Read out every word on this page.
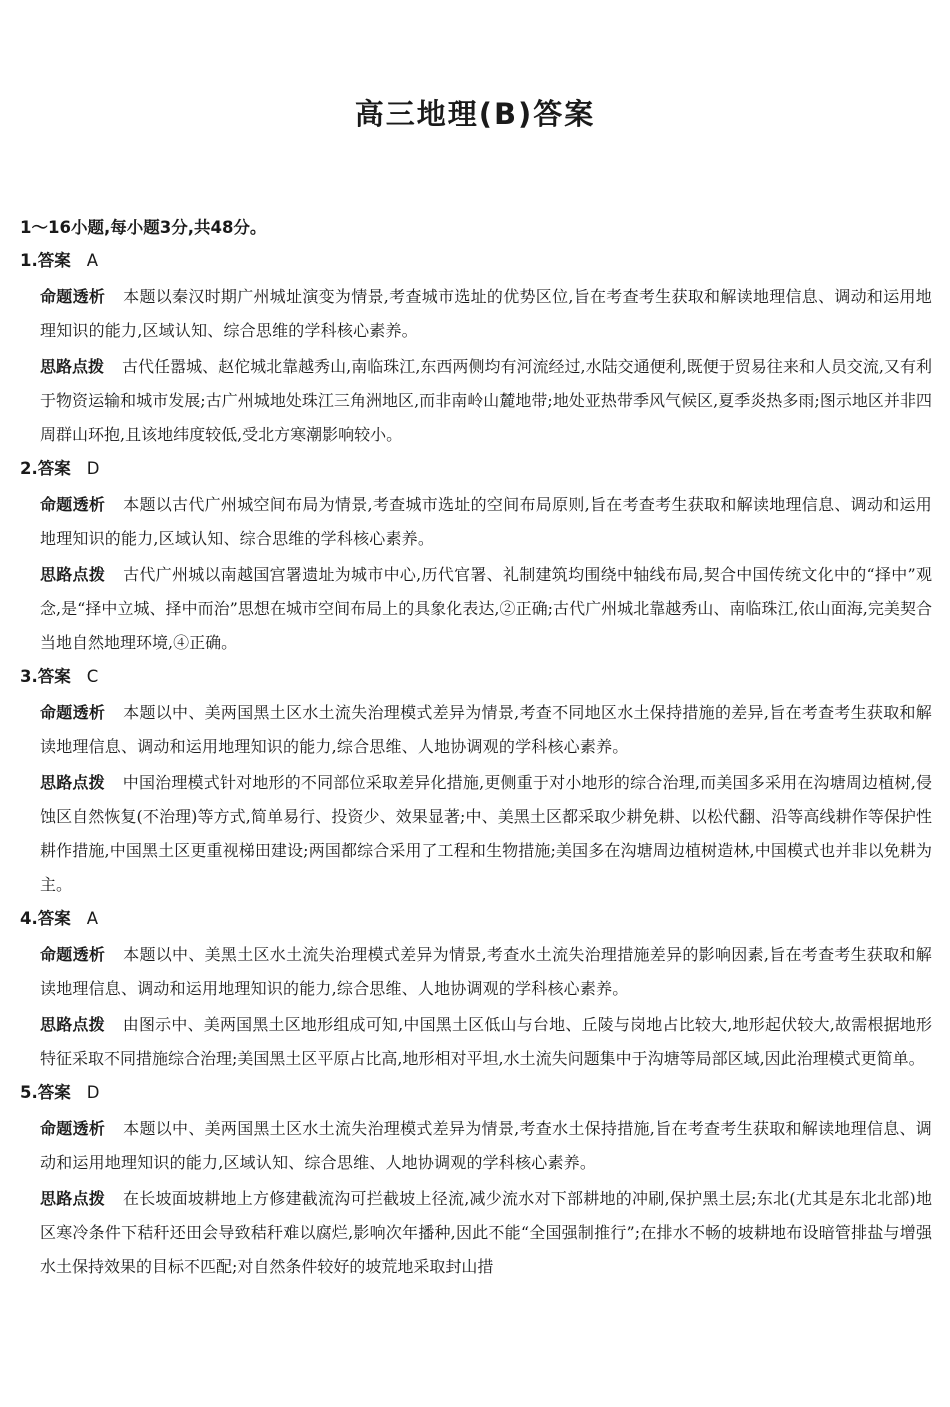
高三地理(B)答案
1～16小题,每小题3分,共48分。
1.答案 A
命题透析 本题以秦汉时期广州城址演变为情景,考查城市选址的优势区位,旨在考查考生获取和解读地理信息、调动和运用地理知识的能力,区域认知、综合思维的学科核心素养。
思路点拨 古代任嚣城、赵佗城北靠越秀山,南临珠江,东西两侧均有河流经过,水陆交通便利,既便于贸易往来和人员交流,又有利于物资运输和城市发展;古广州城地处珠江三角洲地区,而非南岭山麓地带;地处亚热带季风气候区,夏季炎热多雨;图示地区并非四周群山环抱,且该地纬度较低,受北方寒潮影响较小。
2.答案 D
命题透析 本题以古代广州城空间布局为情景,考查城市选址的空间布局原则,旨在考查考生获取和解读地理信息、调动和运用地理知识的能力,区域认知、综合思维的学科核心素养。
思路点拨 古代广州城以南越国宫署遗址为城市中心,历代官署、礼制建筑均围绕中轴线布局,契合中国传统文化中的“择中”观念,是“择中立城、择中而治”思想在城市空间布局上的具象化表达,②正确;古代广州城北靠越秀山、南临珠江,依山面海,完美契合当地自然地理环境,④正确。
3.答案 C
命题透析 本题以中、美两国黑土区水土流失治理模式差异为情景,考查不同地区水土保持措施的差异,旨在考查考生获取和解读地理信息、调动和运用地理知识的能力,综合思维、人地协调观的学科核心素养。
思路点拨 中国治理模式针对地形的不同部位采取差异化措施,更侧重于对小地形的综合治理,而美国多采用在沟塘周边植树,侵蚀区自然恢复(不治理)等方式,简单易行、投资少、效果显著;中、美黑土区都采取少耕免耕、以松代翻、沿等高线耕作等保护性耕作措施,中国黑土区更重视梯田建设;两国都综合采用了工程和生物措施;美国多在沟塘周边植树造林,中国模式也并非以免耕为主。
4.答案 A
命题透析 本题以中、美黑土区水土流失治理模式差异为情景,考查水土流失治理措施差异的影响因素,旨在考查考生获取和解读地理信息、调动和运用地理知识的能力,综合思维、人地协调观的学科核心素养。
思路点拨 由图示中、美两国黑土区地形组成可知,中国黑土区低山与台地、丘陵与岗地占比较大,地形起伏较大,故需根据地形特征采取不同措施综合治理;美国黑土区平原占比高,地形相对平坦,水土流失问题集中于沟塘等局部区域,因此治理模式更简单。
5.答案 D
命题透析 本题以中、美两国黑土区水土流失治理模式差异为情景,考查水土保持措施,旨在考查考生获取和解读地理信息、调动和运用地理知识的能力,区域认知、综合思维、人地协调观的学科核心素养。
思路点拨 在长坡面坡耕地上方修建截流沟可拦截坡上径流,减少流水对下部耕地的冲刷,保护黑土层;东北(尤其是东北北部)地区寒冷条件下秸秆还田会导致秸秆难以腐烂,影响次年播种,因此不能“全国强制推行”;在排水不畅的坡耕地布设暗管排盐与增强水土保持效果的目标不匹配;对自然条件较好的坡荒地采取封山措
